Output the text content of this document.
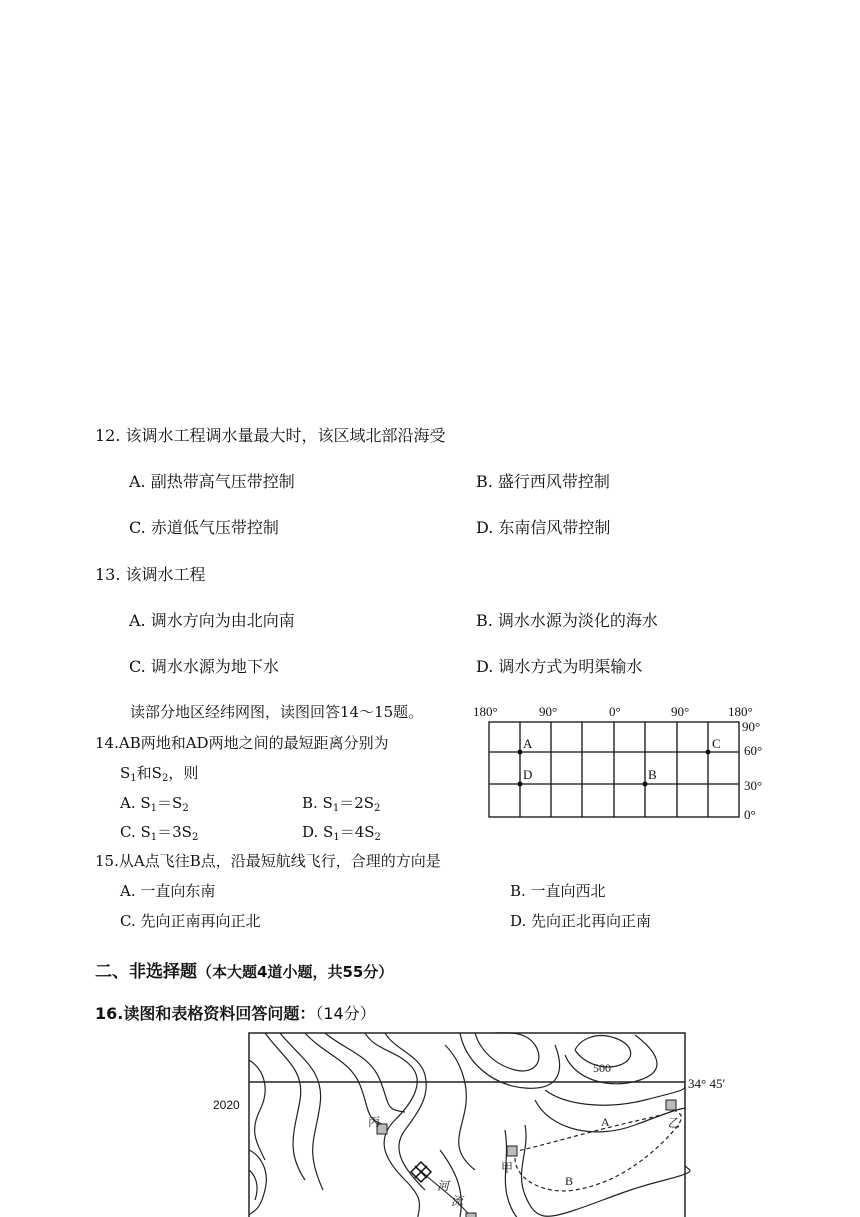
12. 该调水工程调水量最大时，该区域北部沿海受
A. 副热带高气压带控制	B. 盛行西风带控制
C. 赤道低气压带控制	D. 东南信风带控制
13. 该调水工程
A. 调水方向为由北向南	B. 调水水源为淡化的海水
C. 调水水源为地下水	D. 调水方式为明渠输水
读部分地区经纬网图，读图回答14～15题。
14.AB两地和AD两地之间的最短距离分别为
$S_1$和$S_2$，则
A. $S_1=S_2$	B. $S_1=2S_2$
C. $S_1=3S_2$	D. $S_1=4S_2$
180°	90°	0°	90°	180°
90°
60°
30°
0°
A	C
D	B
15.从A点飞往B点，沿最短航线飞行，合理的方向是
A. 一直向东南	B. 一直向西北
C. 先向正南再向正北	D. 先向正北再向正南
二、非选择题（本大题4道小题，共55分）
16.读图和表格资料回答问题：（14分）
2020
500
丙
甲
乙
A
B
河
流
34° 45′
